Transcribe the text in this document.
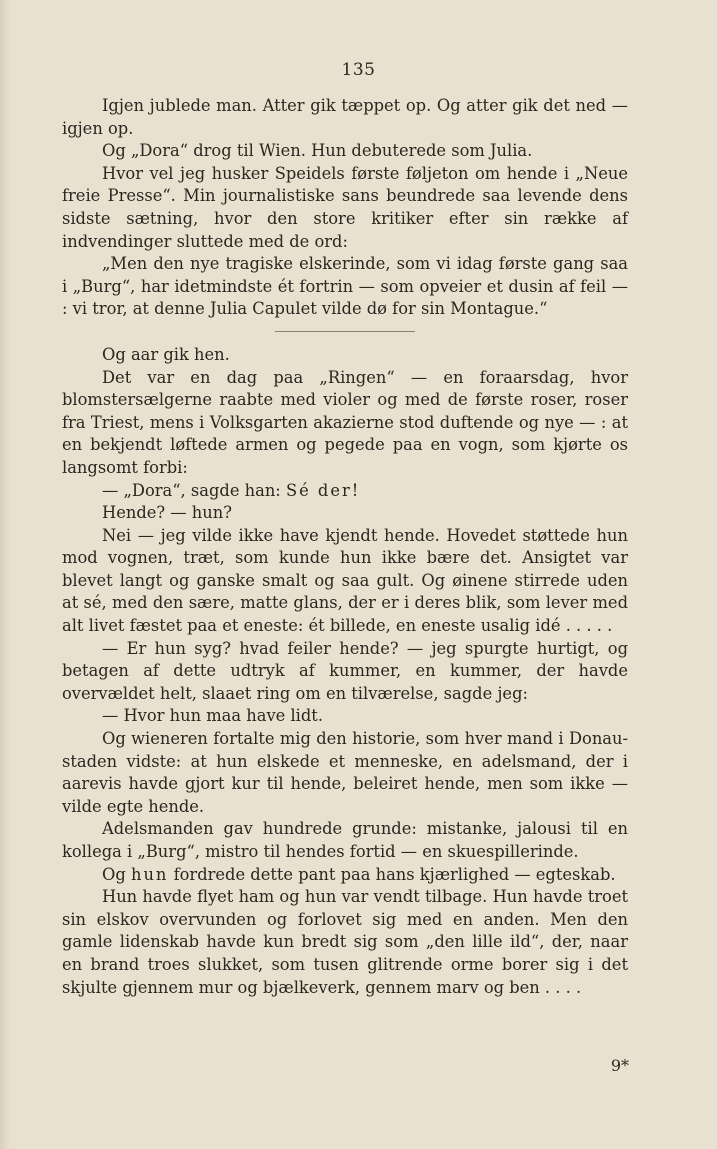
135

Igjen jublede man. Atter gik tæppet op. Og atter gik det ned — igjen op.

Og „Dora“ drog til Wien. Hun debuterede som Julia.

Hvor vel jeg husker Speidels første føljeton om hende i „Neue freie Presse“. Min journalistiske sans beundrede saa levende dens sidste sætning, hvor den store kritiker efter sin række af indvendinger sluttede med de ord:

„Men den nye tragiske elskerinde, som vi idag første gang saa i „Burg“, har idetmindste ét fortrin — som opveier et dusin af feil — : vi tror, at denne Julia Capulet vilde dø for sin Montague.“

Og aar gik hen.

Det var en dag paa „Ringen“ — en foraarsdag, hvor blomstersælgerne raabte med violer og med de første roser, roser fra Triest, mens i Volksgarten akazierne stod duftende og nye — : at en bekjendt løftede armen og pegede paa en vogn, som kjørte os langsomt forbi:

— „Dora“, sagde han: Sé der!

Hende? — hun?

Nei — jeg vilde ikke have kjendt hende. Hovedet støttede hun mod vognen, træt, som kunde hun ikke bære det. Ansigtet var blevet langt og ganske smalt og saa gult. Og øinene stirrede uden at sé, med den sære, matte glans, der er i deres blik, som lever med alt livet fæstet paa et eneste: ét billede, en eneste usalig idé . . . . .

— Er hun syg? hvad feiler hende? — jeg spurgte hurtigt, og betagen af dette udtryk af kummer, en kummer, der havde overvældet helt, slaaet ring om en tilværelse, sagde jeg:

— Hvor hun maa have lidt.

Og wieneren fortalte mig den historie, som hver mand i Donau-staden vidste: at hun elskede et menneske, en adelsmand, der i aarevis havde gjort kur til hende, beleiret hende, men som ikke — vilde egte hende.

Adelsmanden gav hundrede grunde: mistanke, jalousi til en kollega i „Burg“, mistro til hendes fortid — en skuespillerinde.

Og hun fordrede dette pant paa hans kjærlighed — egteskab.

Hun havde flyet ham og hun var vendt tilbage. Hun havde troet sin elskov overvunden og forlovet sig med en anden. Men den gamle lidenskab havde kun bredt sig som „den lille ild“, der, naar en brand troes slukket, som tusen glitrende orme borer sig i det skjulte gjennem mur og bjælkeverk, gennem marv og ben . . . .

9*
